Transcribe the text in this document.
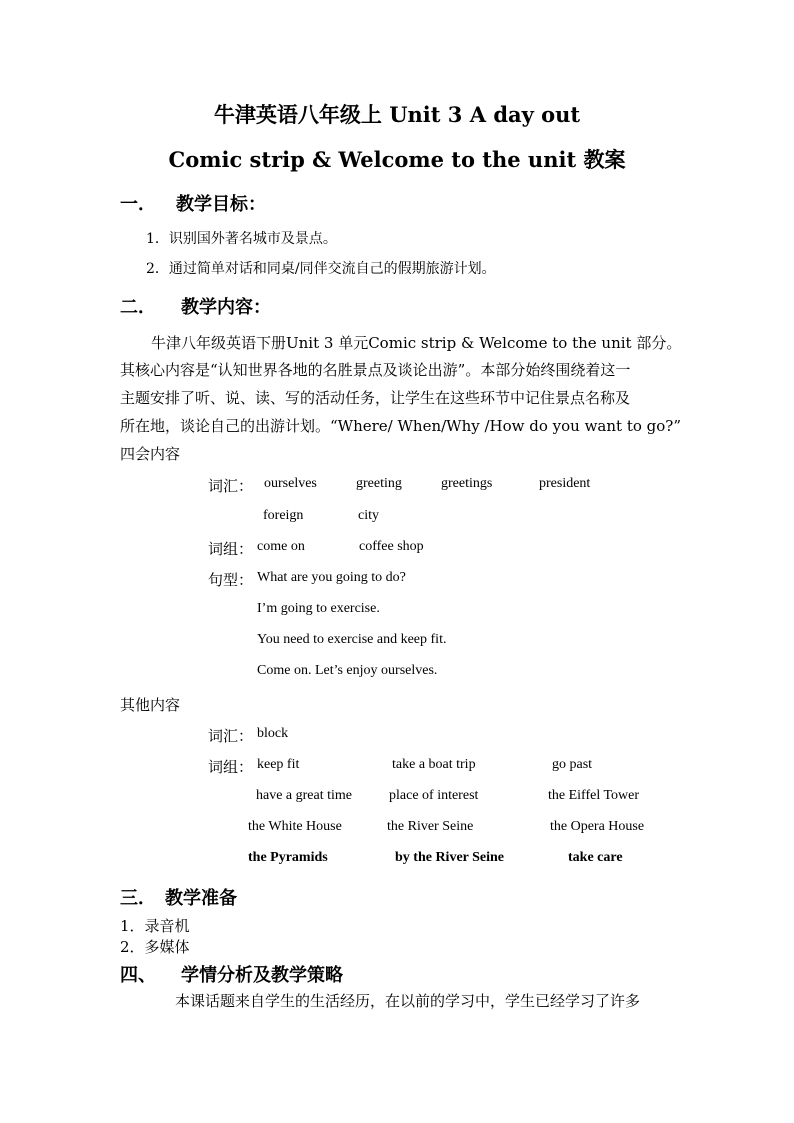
牛津英语八年级上 Unit 3 A day out
Comic strip & Welcome to the unit 教案
一． 教学目标：
1．识别国外著名城市及景点。
2．通过简单对话和同桌/同伴交流自己的假期旅游计划。
二． 教学内容：
牛津八年级英语下册Unit 3 单元Comic strip & Welcome to the unit 部分。
其核心内容是“认知世界各地的名胜景点及谈论出游”。本部分始终围绕着这一
主题安排了听、说、读、写的活动任务，让学生在这些环节中记住景点名称及
所在地，谈论自己的出游计划。“Where/ When/Why /How do you want to go?”
四会内容
词汇： ourselves	greeting	greetings	president
foreign	city
词组： come on	coffee shop
句型： What are you going to do?
I’m going to exercise.
You need to exercise and keep fit.
Come on. Let’s enjoy ourselves.
其他内容
词汇： block
词组： keep fit	take a boat trip	go past
have a great time	place of interest	the Eiffel Tower
the White House	the River Seine	the Opera House
the Pyramids	by the River Seine	take care
三． 教学准备
1．录音机
2．多媒体
四、 学情分析及教学策略
本课话题来自学生的生活经历，在以前的学习中，学生已经学习了许多
